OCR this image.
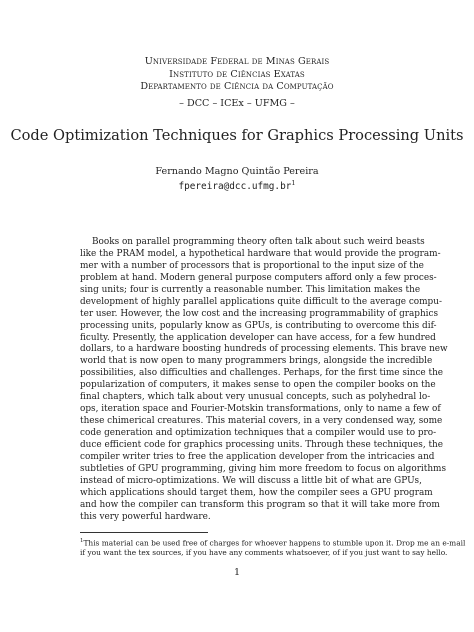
Universidade Federal de Minas Gerais
Instituto de Ciências Exatas
Departamento de Ciência da Computação
– DCC – ICEx – UFMG –
Code Optimization Techniques for Graphics Processing Units
Fernando Magno Quintão Pereira
$fpereira@dcc.ufmg.br^1$
Books on parallel programming theory often talk about such weird beasts
like the PRAM model, a hypothetical hardware that would provide the program-
mer with a number of processors that is proportional to the input size of the
problem at hand. Modern general purpose computers afford only a few proces-
sing units; four is currently a reasonable number. This limitation makes the
development of highly parallel applications quite difficult to the average compu-
ter user. However, the low cost and the increasing programmability of graphics
processing units, popularly know as GPUs, is contributing to overcome this dif-
ficulty. Presently, the application developer can have access, for a few hundred
dollars, to a hardware boosting hundreds of processing elements. This brave new
world that is now open to many programmers brings, alongside the incredible
possibilities, also difficulties and challenges. Perhaps, for the first time since the
popularization of computers, it makes sense to open the compiler books on the
final chapters, which talk about very unusual concepts, such as polyhedral lo-
ops, iteration space and Fourier-Motskin transformations, only to name a few of
these chimerical creatures. This material covers, in a very condensed way, some
code generation and optimization techniques that a compiler would use to pro-
duce efficient code for graphics processing units. Through these techniques, the
compiler writer tries to free the application developer from the intricacies and
subtleties of GPU programming, giving him more freedom to focus on algorithms
instead of micro-optimizations. We will discuss a little bit of what are GPUs,
which applications should target them, how the compiler sees a GPU program
and how the compiler can transform this program so that it will take more from
this very powerful hardware.
$^1$This material can be used free of charges for whoever happens to stumble upon it. Drop me an e-mail
if you want the tex sources, if you have any comments whatsoever, of if you just want to say hello.
1
